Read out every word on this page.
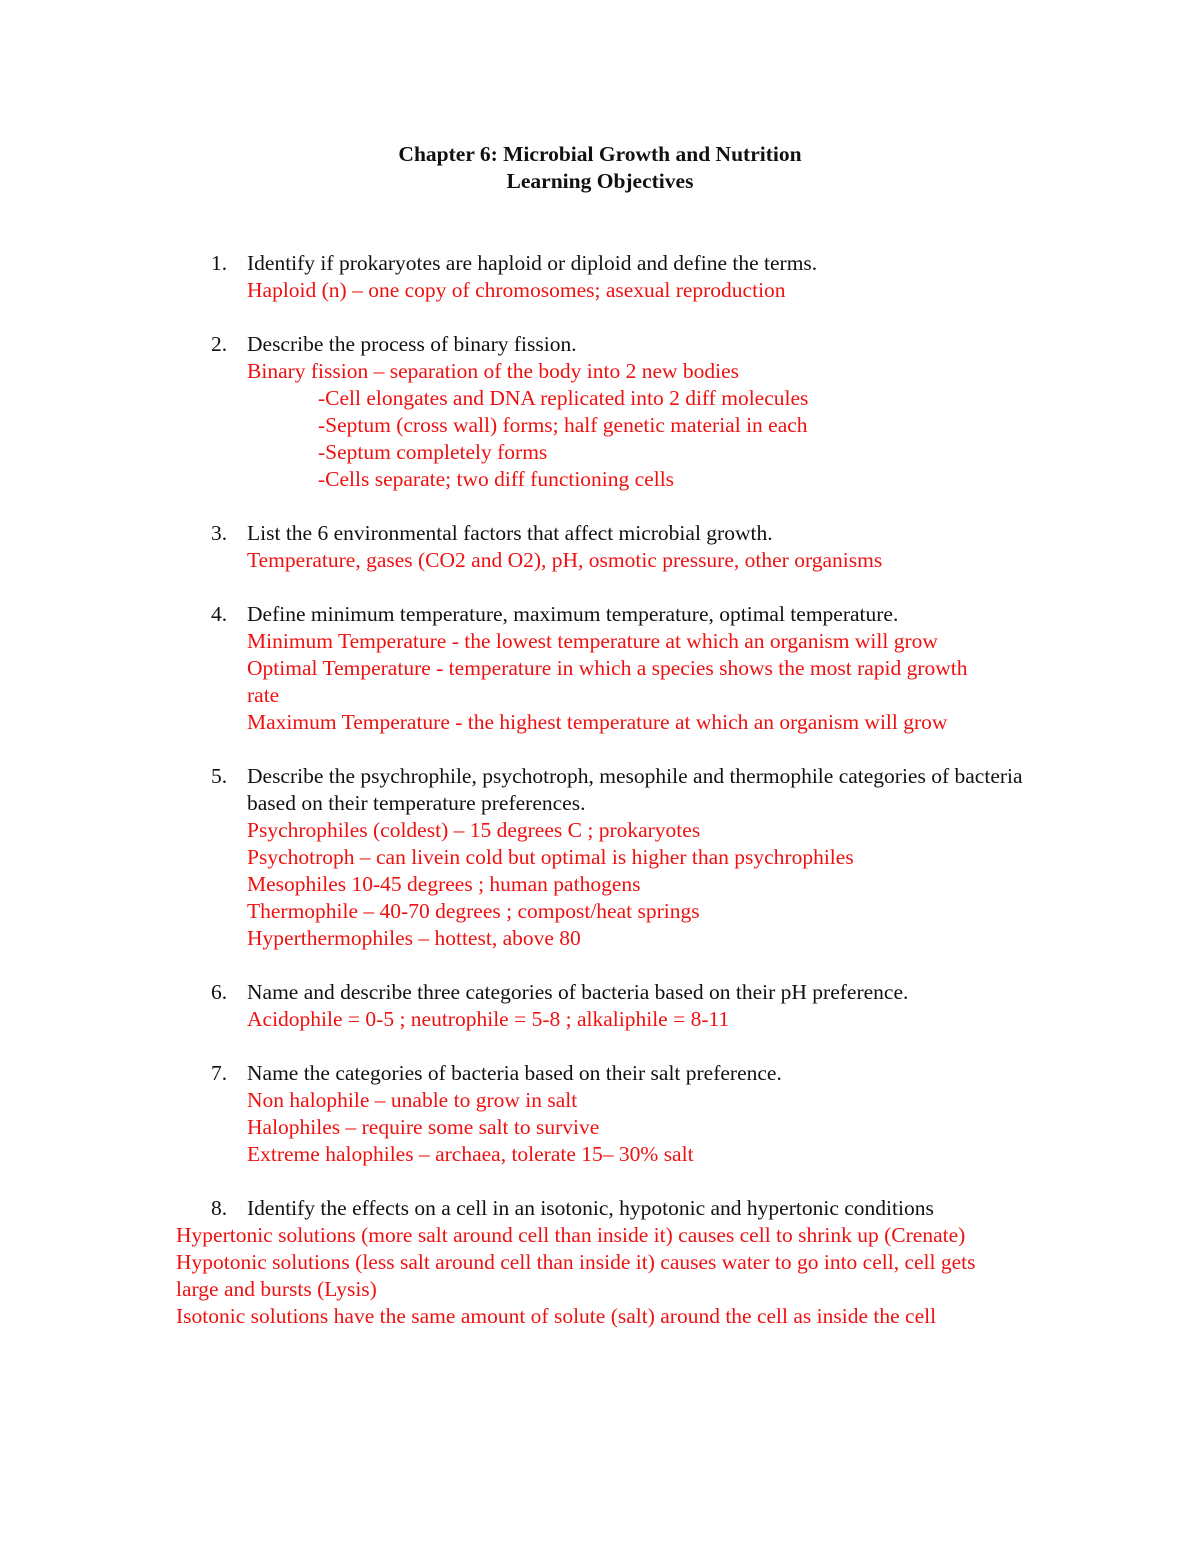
Chapter 6: Microbial Growth and Nutrition
Learning Objectives
1. Identify if prokaryotes are haploid or diploid and define the terms.
Haploid (n) – one copy of chromosomes; asexual reproduction
2. Describe the process of binary fission.
Binary fission – separation of the body into 2 new bodies
-Cell elongates and DNA replicated into 2 diff molecules
-Septum (cross wall) forms; half genetic material in each
-Septum completely forms
-Cells separate; two diff functioning cells
3. List the 6 environmental factors that affect microbial growth.
Temperature, gases (CO2 and O2), pH, osmotic pressure, other organisms
4. Define minimum temperature, maximum temperature, optimal temperature.
Minimum Temperature - the lowest temperature at which an organism will grow
Optimal Temperature - temperature in which a species shows the most rapid growth rate
Maximum Temperature - the highest temperature at which an organism will grow
5. Describe the psychrophile, psychotroph, mesophile and thermophile categories of bacteria based on their temperature preferences.
Psychrophiles (coldest) – 15 degrees C ; prokaryotes
Psychotroph – can livein cold but optimal is higher than psychrophiles
Mesophiles 10-45 degrees ; human pathogens
Thermophile – 40-70 degrees ; compost/heat springs
Hyperthermophiles – hottest, above 80
6. Name and describe three categories of bacteria based on their pH preference.
Acidophile = 0-5 ; neutrophile = 5-8 ; alkaliphile = 8-11
7. Name the categories of bacteria based on their salt preference.
Non halophile – unable to grow in salt
Halophiles – require some salt to survive
Extreme halophiles – archaea, tolerate 15– 30% salt
8. Identify the effects on a cell in an isotonic, hypotonic and hypertonic conditions
Hypertonic solutions (more salt around cell than inside it) causes cell to shrink up (Crenate)
Hypotonic solutions (less salt around cell than inside it) causes water to go into cell, cell gets large and bursts (Lysis)
Isotonic solutions have the same amount of solute (salt) around the cell as inside the cell
